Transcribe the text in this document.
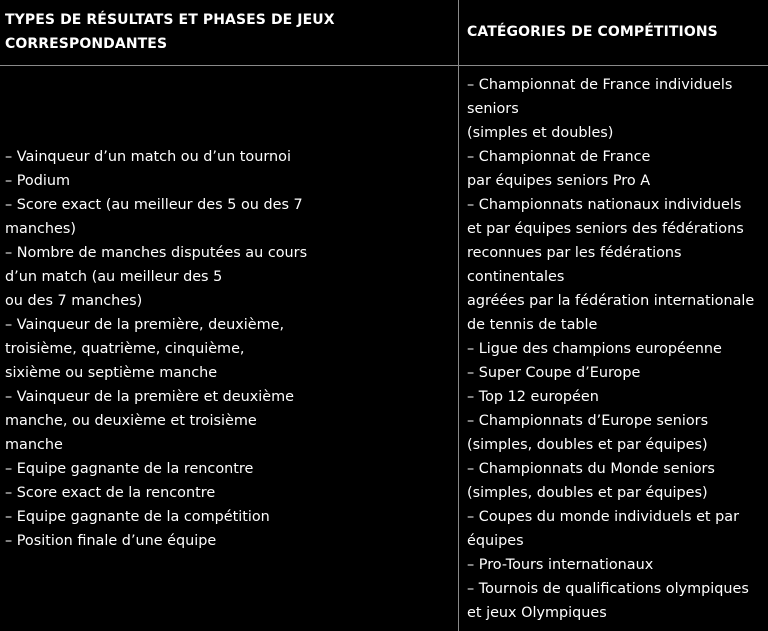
TYPES DE RÉSULTATS ET PHASES DE JEUX
CORRESPONDANTES
CATÉGORIES DE COMPÉTITIONS
– Vainqueur d’un match ou d’un tournoi
– Podium
– Score exact (au meilleur des 5 ou des 7
manches)
– Nombre de manches disputées au cours
d’un match (au meilleur des 5
ou des 7 manches)
– Vainqueur de la première, deuxième,
troisième, quatrième, cinquième,
sixième ou septième manche
– Vainqueur de la première et deuxième
manche, ou deuxième et troisième
manche
– Equipe gagnante de la rencontre
– Score exact de la rencontre
– Equipe gagnante de la compétition
– Position finale d’une équipe
– Championnat de France individuels
seniors
(simples et doubles)
– Championnat de France
par équipes seniors Pro A
– Championnats nationaux individuels
et par équipes seniors des fédérations
reconnues par les fédérations
continentales
agréées par la fédération internationale
de tennis de table
– Ligue des champions européenne
– Super Coupe d’Europe
– Top 12 européen
– Championnats d’Europe seniors
(simples, doubles et par équipes)
– Championnats du Monde seniors
(simples, doubles et par équipes)
– Coupes du monde individuels et par
équipes
– Pro-Tours internationaux
– Tournois de qualifications olympiques
et jeux Olympiques
